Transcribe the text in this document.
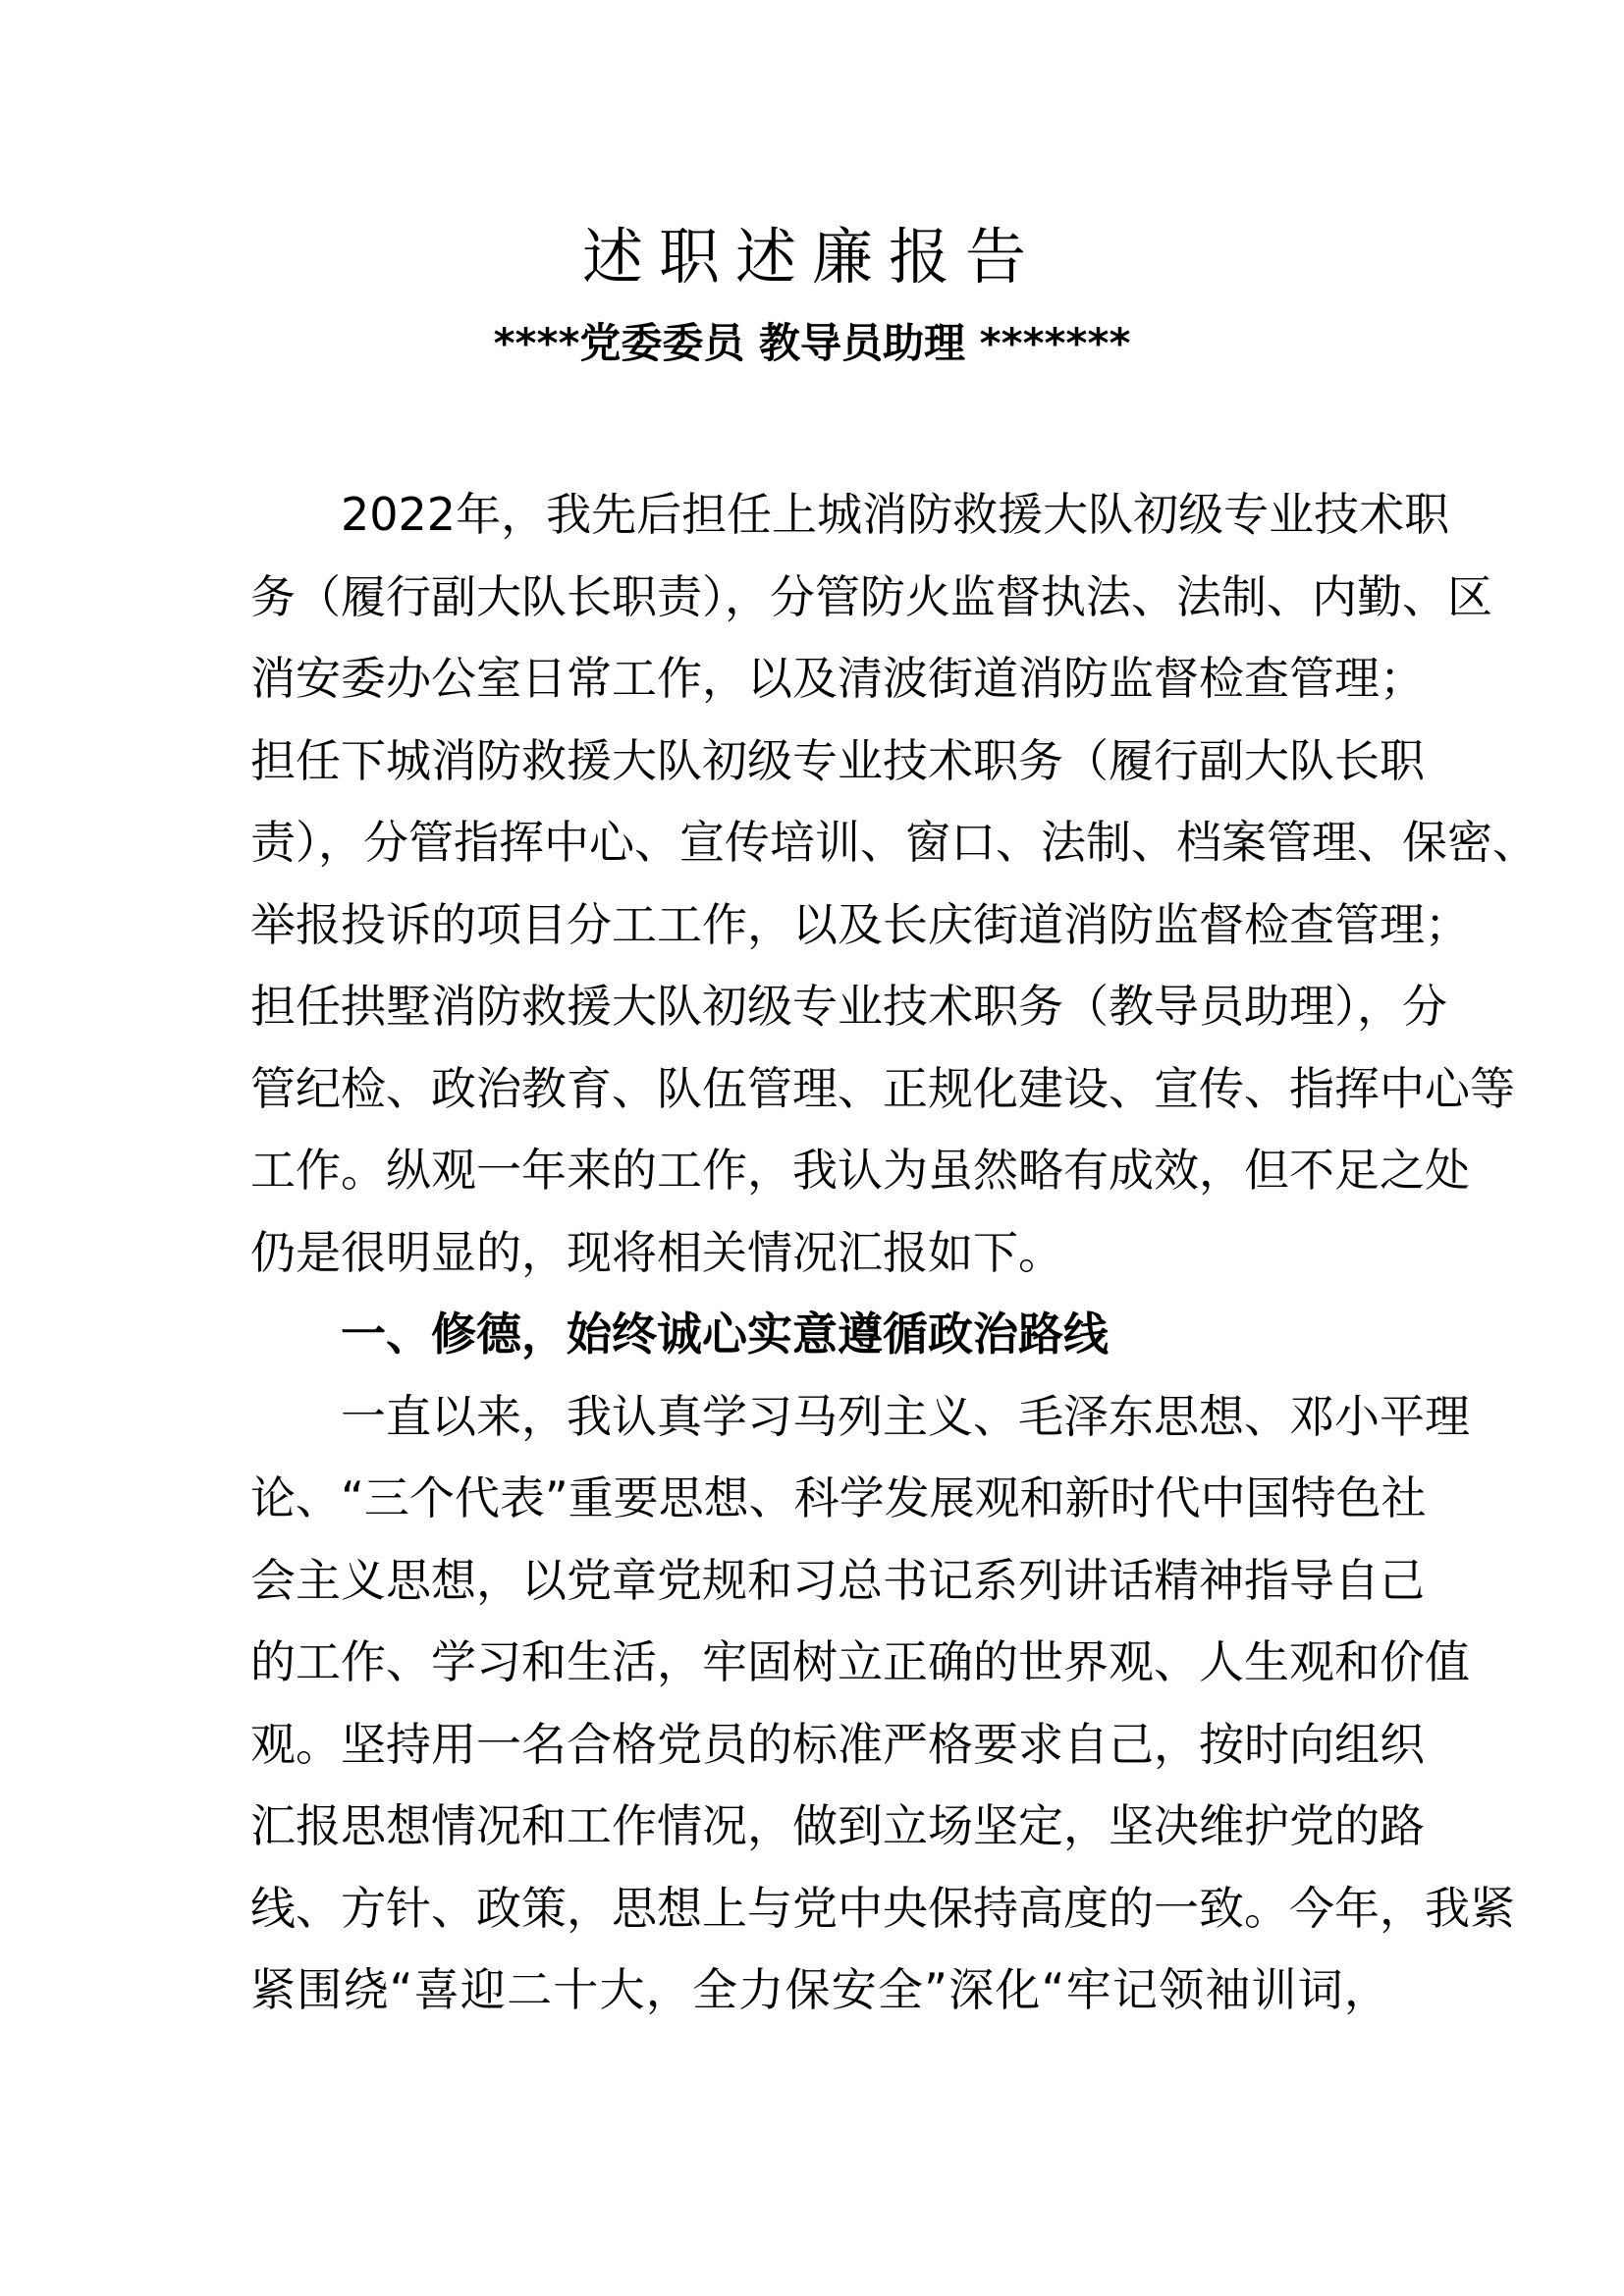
述职述廉报告
****党委委员 教导员助理 *******
2022年，我先后担任上城消防救援大队初级专业技术职
务（履行副大队长职责），分管防火监督执法、法制、内勤、区
消安委办公室日常工作，以及清波街道消防监督检查管理；
担任下城消防救援大队初级专业技术职务（履行副大队长职
责），分管指挥中心、宣传培训、窗口、法制、档案管理、保密、
举报投诉的项目分工工作，以及长庆街道消防监督检查管理；
担任拱墅消防救援大队初级专业技术职务（教导员助理），分
管纪检、政治教育、队伍管理、正规化建设、宣传、指挥中心等
工作。纵观一年来的工作，我认为虽然略有成效，但不足之处
仍是很明显的，现将相关情况汇报如下。
一、修德，始终诚心实意遵循政治路线
一直以来，我认真学习马列主义、毛泽东思想、邓小平理
论、“三个代表”重要思想、科学发展观和新时代中国特色社
会主义思想，以党章党规和习总书记系列讲话精神指导自己
的工作、学习和生活，牢固树立正确的世界观、人生观和价值
观。坚持用一名合格党员的标准严格要求自己，按时向组织
汇报思想情况和工作情况，做到立场坚定，坚决维护党的路
线、方针、政策，思想上与党中央保持高度的一致。今年，我紧
紧围绕“喜迎二十大，全力保安全”深化“牢记领袖训词，
